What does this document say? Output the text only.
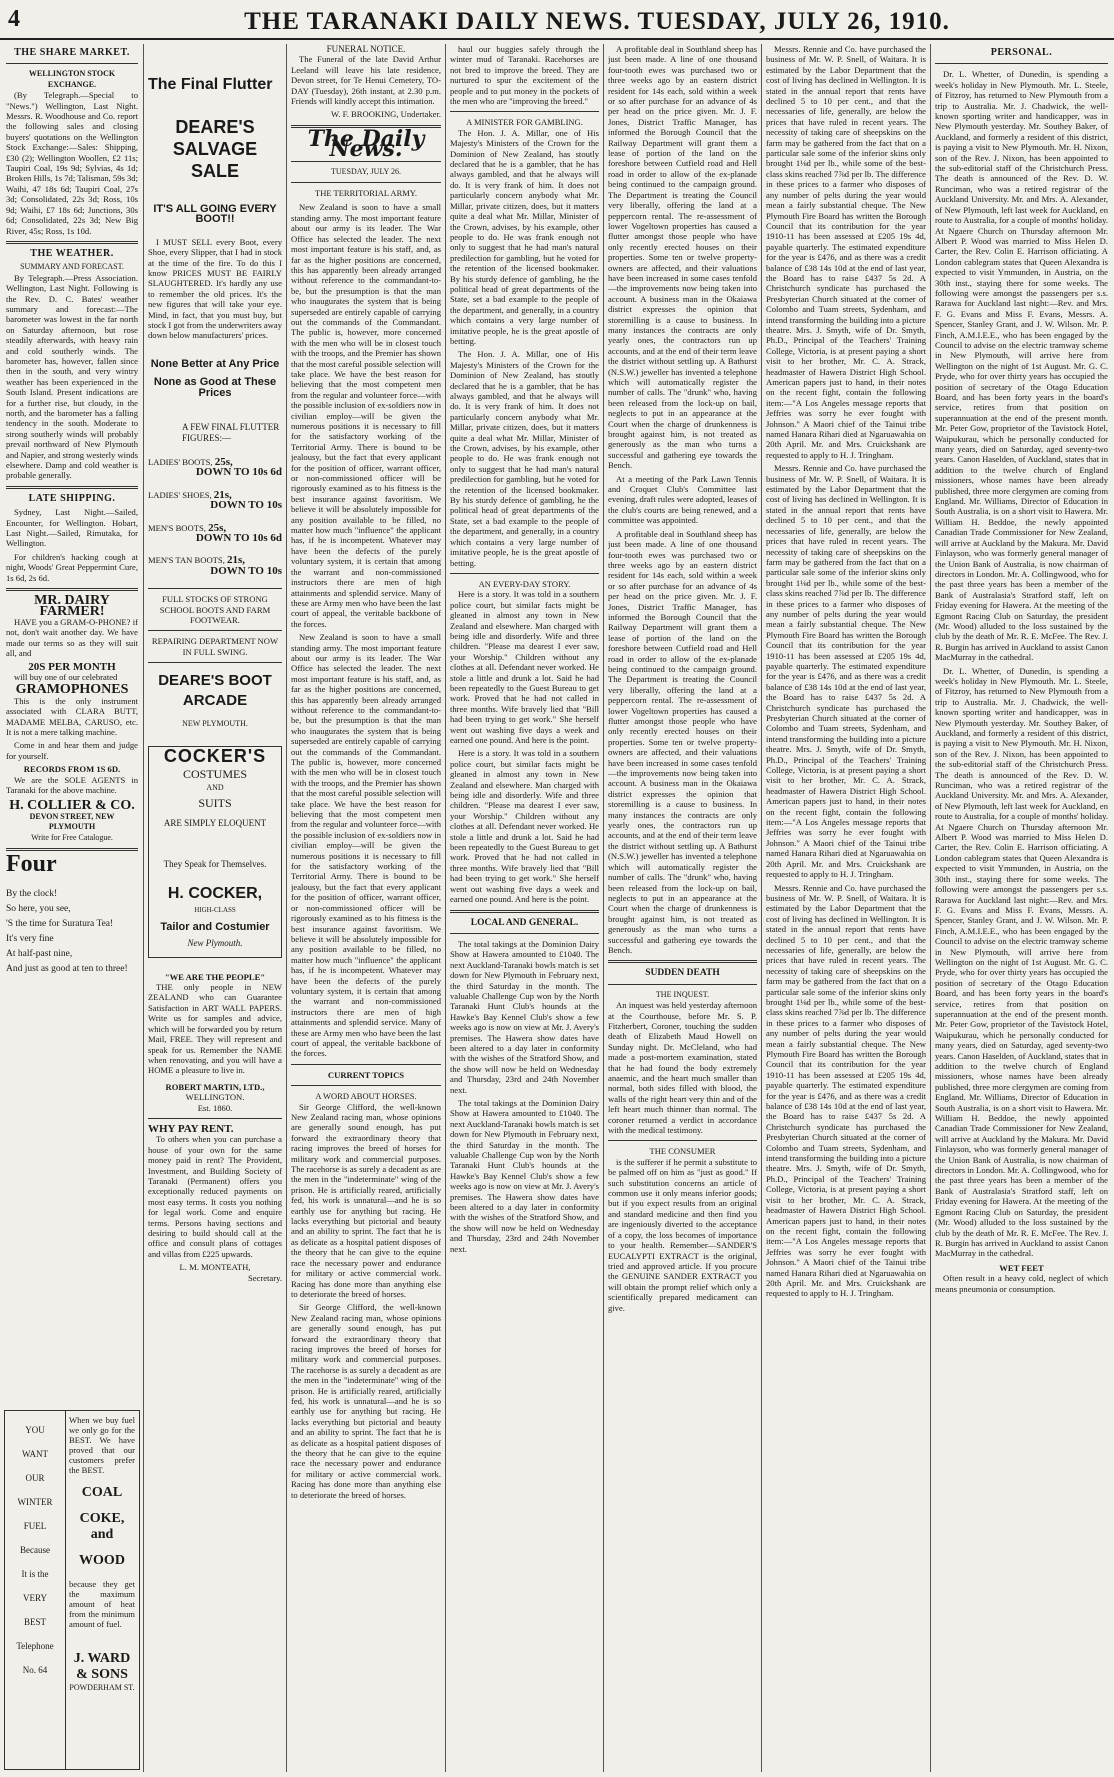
4	THE TARANAKI DAILY NEWS. TUESDAY, JULY 26, 1910.
THE SHARE MARKET.
WELLINGTON STOCK EXCHANGE.

(By Telegraph.—Special to "News.") Wellington, Last Night. Messrs. R. Woodhouse and Co. report the following sales and closing buyers' quotations on the Wellington Stock Exchange:—Sales: Shipping, £30 (2); Wellington Woollen, £2 11s; Taupiri Coal, 19s 9d; Sylvias, 4s 1d; Broken Hills, 1s 7d; Talisman, 59s 3d; Waihi, 47 18s 6d; Taupiri Coal, 27s 3d; Consolidated, 22s 3d; Ross, 10s 9d; Waihi, £7 18s 6d; Junctions, 30s 6d; Consolidated, 22s 3d; New Big River, 45s; Ross, 1s 10d.

THE WEATHER.
SUMMARY AND FORECAST.

By Telegraph.—Press Association. Wellington, Last Night. Following is the Rev. D. C. Bates' weather summary and forecast:—The barometer was lowest in the far north on Saturday afternoon, but rose steadily afterwards, with heavy rain and cold southerly winds. The barometer has, however, fallen since then in the south, and very wintry weather has been experienced in the South Island. Present indications are for a further rise, but cloudy, in the north, and the barometer has a falling tendency in the south. Moderate to strong southerly winds will probably prevail northward of New Plymouth and Napier, and strong westerly winds elsewhere. Damp and cold weather is probable generally.

LATE SHIPPING.

Sydney, Last Night.—Sailed, Encounter, for Wellington. Hobart, Last Night.—Sailed, Rimutaka, for Wellington.

For children's hacking cough at night, Woods' Great Peppermint Cure, 1s 6d, 2s 6d.

MR. DAIRY FARMER!

HAVE you a GRAM-O-PHONE? if not, don't wait another day. We have made our terms so as they will suit all, and

20S PER MONTH

will buy one of our celebrated

GRAMOPHONES

This is the only instrument associated with CLARA BUTT, MADAME MELBA, CARUSO, etc. It is not a mere talking machine.

Come in and hear them and judge for yourself.

RECORDS FROM 1S 6D.

We are the SOLE AGENTS in Taranaki for the above machine.

H. COLLIER & CO.
DEVON STREET, NEW PLYMOUTH
Write for Free Catalogue.
Four
By the clock!
So here, you see,
'S the time for Suratura Tea!
It's very fine
At half-past nine,
And just as good at ten to three!
YOU
WANT
OUR
WINTER
FUEL
Because
It is the
VERY
BEST
Telephone
No. 64

When we buy fuel we only go for the BEST. We have proved that our customers prefer the BEST.

COAL
COKE, and
WOOD

because they get the maximum amount of heat from the minimum amount of fuel.

J. WARD & SONS
POWDERHAM ST.
The Final Flutter
DEARE'S SALVAGE SALE
IT'S ALL GOING EVERY BOOT!!

I MUST SELL every Boot, every Shoe, every Slipper, that I had in stock at the time of the fire. To do this I know PRICES MUST BE FAIRLY SLAUGHTERED. It's hardly any use to remember the old prices. It's the new figures that will take your eye. Mind, in fact, that you must buy, but stock I got from the underwriters away down below manufacturers' prices.

None Better at Any Price
None as Good at These Prices
A FEW FINAL FLUTTER FIGURES:—
LADIES' BOOTS, 25s,
DOWN TO 10s 6d
LADIES' SHOES, 21s,
DOWN TO 10s
MEN'S BOOTS, 25s,
DOWN TO 10s 6d
MEN'S TAN BOOTS, 21s,
DOWN TO 10s
FULL STOCKS OF STRONG SCHOOL BOOTS AND FARM FOOTWEAR.
REPAIRING DEPARTMENT NOW IN FULL SWING.
DEARE'S BOOT ARCADE
NEW PLYMOUTH.
COCKER'S
COSTUMES
AND
SUITS
ARE SIMPLY ELOQUENT
They Speak for Themselves.
H. COCKER,
HIGH-CLASS
Tailor and Costumier
New Plymouth.
"WE ARE THE PEOPLE"

THE only people in NEW ZEALAND who can Guarantee Satisfaction in ART WALL PAPERS. Write us for samples and advice, which will be forwarded you by return Mail, FREE. They will represent and speak for us. Remember the NAME when renovating, and you will have a HOME a pleasure to live in.

ROBERT MARTIN, LTD.,
WELLINGTON.
Est. 1860.
WHY PAY RENT.

To others when you can purchase a house of your own for the same money paid in rent? The Provident, Investment, and Building Society of Taranaki (Permanent) offers you exceptionally reduced payments on most easy terms. It costs you nothing for legal work. Come and enquire terms. Persons having sections and desiring to build should call at the office and consult plans of cottages and villas from £225 upwards.

L. M. MONTEATH,
Secretary.
FUNERAL NOTICE.

The Funeral of the late David Arthur Leeland will leave his late residence, Devon street, for Te Henui Cemetery, TO-DAY (Tuesday), 26th instant, at 2.30 p.m. Friends will kindly accept this intimation.

W. F. BROOKING, Undertaker.
The Daily News.
TUESDAY, JULY 26.
THE TERRITORIAL ARMY.

New Zealand is soon to have a small standing army. The most important feature about our army is its leader. The War Office has selected the leader. The next most important feature is his staff, and, as far as the higher positions are concerned, this has apparently been already arranged without reference to the commandant-to-be, but the presumption is that the man who inaugurates the system that is being superseded are entirely capable of carrying out the commands of the Commandant. The public is, however, more concerned with the men who will be in closest touch with the troops, and the Premier has shown that the most careful possible selection will take place. We have the best reason for believing that the most competent men from the regular and volunteer force—with the possible inclusion of ex-soldiers now in civilian employ—will be given the numerous positions it is necessary to fill for the satisfactory working of the Territorial Army. There is bound to be jealousy, but the fact that every applicant for the position of officer, warrant officer, or non-commissioned officer will be rigorously examined as to his fitness is the best insurance against favoritism. We believe it will be absolutely impossible for any position available to be filled, no matter how much "influence" the applicant has, if he is incompetent. Whatever may have been the defects of the purely voluntary system, it is certain that among the warrant and non-commissioned instructors there are men of high attainments and splendid service. Many of these are Army men who have been the last court of appeal, the veritable backbone of the forces.

New Zealand is soon to have a small standing army. The most important feature about our army is its leader. The War Office has selected the leader. The next most important feature is his staff, and, as far as the higher positions are concerned, this has apparently been already arranged without reference to the commandant-to-be, but the presumption is that the man who inaugurates the system that is being superseded are entirely capable of carrying out the commands of the Commandant. The public is, however, more concerned with the men who will be in closest touch with the troops, and the Premier has shown that the most careful possible selection will take place. We have the best reason for believing that the most competent men from the regular and volunteer force—with the possible inclusion of ex-soldiers now in civilian employ—will be given the numerous positions it is necessary to fill for the satisfactory working of the Territorial Army. There is bound to be jealousy, but the fact that every applicant for the position of officer, warrant officer, or non-commissioned officer will be rigorously examined as to his fitness is the best insurance against favoritism. We believe it will be absolutely impossible for any position available to be filled, no matter how much "influence" the applicant has, if he is incompetent. Whatever may have been the defects of the purely voluntary system, it is certain that among the warrant and non-commissioned instructors there are men of high attainments and splendid service. Many of these are Army men who have been the last court of appeal, the veritable backbone of the forces.

CURRENT TOPICS
A WORD ABOUT HORSES.

Sir George Clifford, the well-known New Zealand racing man, whose opinions are generally sound enough, has put forward the extraordinary theory that racing improves the breed of horses for military work and commercial purposes. The racehorse is as surely a decadent as are the men in the "indeterminate" wing of the prison. He is artificially reared, artificially fed, his work is unnatural—and he is so earthly use for anything but racing. He lacks everything but pictorial and beauty and an ability to sprint. The fact that he is as delicate as a hospital patient disposes of the theory that he can give to the equine race the necessary power and endurance for military or active commercial work. Racing has done more than anything else to deteriorate the breed of horses.

Sir George Clifford, the well-known New Zealand racing man, whose opinions are generally sound enough, has put forward the extraordinary theory that racing improves the breed of horses for military work and commercial purposes. The racehorse is as surely a decadent as are the men in the "indeterminate" wing of the prison. He is artificially reared, artificially fed, his work is unnatural—and he is so earthly use for anything but racing. He lacks everything but pictorial and beauty and an ability to sprint. The fact that he is as delicate as a hospital patient disposes of the theory that he can give to the equine race the necessary power and endurance for military or active commercial work. Racing has done more than anything else to deteriorate the breed of horses.

haul our buggies safely through the winter mud of Taranaki. Racehorses are not bred to improve the breed. They are nurtured to spur the excitement of the people and to put money in the pockets of the men who are "improving the breed."

A MINISTER FOR GAMBLING.

The Hon. J. A. Millar, one of His Majesty's Ministers of the Crown for the Dominion of New Zealand, has stoutly declared that he is a gambler, that he has always gambled, and that he always will do. It is very frank of him. It does not particularly concern anybody what Mr. Millar, private citizen, does, but it matters quite a deal what Mr. Millar, Minister of the Crown, advises, by his example, other people to do. He was frank enough not only to suggest that he had man's natural predilection for gambling, but he voted for the retention of the licensed bookmaker. By his sturdy defence of gambling, he the political head of great departments of the State, set a bad example to the people of the department, and generally, in a country which contains a very large number of imitative people, he is the great apostle of betting.

The Hon. J. A. Millar, one of His Majesty's Ministers of the Crown for the Dominion of New Zealand, has stoutly declared that he is a gambler, that he has always gambled, and that he always will do. It is very frank of him. It does not particularly concern anybody what Mr. Millar, private citizen, does, but it matters quite a deal what Mr. Millar, Minister of the Crown, advises, by his example, other people to do. He was frank enough not only to suggest that he had man's natural predilection for gambling, but he voted for the retention of the licensed bookmaker. By his sturdy defence of gambling, he the political head of great departments of the State, set a bad example to the people of the department, and generally, in a country which contains a very large number of imitative people, he is the great apostle of betting.

AN EVERY-DAY STORY.

Here is a story. It was told in a southern police court, but similar facts might be gleaned in almost any town in New Zealand and elsewhere. Man charged with being idle and disorderly. Wife and three children. "Please ma dearest I ever saw, your Worship." Children without any clothes at all. Defendant never worked. He stole a little and drunk a lot. Said he had been repeatedly to the Guest Bureau to get work. Proved that he had not called in three months. Wife bravely lied that "Bill had been trying to get work." She herself went out washing five days a week and earned one pound. And here is the point.

Here is a story. It was told in a southern police court, but similar facts might be gleaned in almost any town in New Zealand and elsewhere. Man charged with being idle and disorderly. Wife and three children. "Please ma dearest I ever saw, your Worship." Children without any clothes at all. Defendant never worked. He stole a little and drunk a lot. Said he had been repeatedly to the Guest Bureau to get work. Proved that he had not called in three months. Wife bravely lied that "Bill had been trying to get work." She herself went out washing five days a week and earned one pound. And here is the point.

LOCAL AND GENERAL.

The total takings at the Dominion Dairy Show at Hawera amounted to £1040. The next Auckland-Taranaki bowls match is set down for New Plymouth in February next, the third Saturday in the month. The valuable Challenge Cup won by the North Taranaki Hunt Club's hounds at the Hawke's Bay Kennel Club's show a few weeks ago is now on view at Mr. J. Avery's premises. The Hawera show dates have been altered to a day later in conformity with the wishes of the Stratford Show, and the show will now be held on Wednesday and Thursday, 23rd and 24th November next.

The total takings at the Dominion Dairy Show at Hawera amounted to £1040. The next Auckland-Taranaki bowls match is set down for New Plymouth in February next, the third Saturday in the month. The valuable Challenge Cup won by the North Taranaki Hunt Club's hounds at the Hawke's Bay Kennel Club's show a few weeks ago is now on view at Mr. J. Avery's premises. The Hawera show dates have been altered to a day later in conformity with the wishes of the Stratford Show, and the show will now be held on Wednesday and Thursday, 23rd and 24th November next.

A profitable deal in Southland sheep has just been made. A line of one thousand four-tooth ewes was purchased two or three weeks ago by an eastern district resident for 14s each, sold within a week or so after purchase for an advance of 4s per head on the price given. Mr. J. F. Jones, District Traffic Manager, has informed the Borough Council that the Railway Department will grant them a lease of portion of the land on the foreshore between Cutfield road and Hell road in order to allow of the ex-planade being continued to the campaign ground. The Department is treating the Council very liberally, offering the land at a peppercorn rental. The re-assessment of lower Vogeltown properties has caused a flutter amongst those people who have only recently erected houses on their properties. Some ten or twelve property-owners are affected, and their valuations have been increased in some cases tenfold—the improvements now being taken into account. A business man in the Okaiawa district expresses the opinion that storemilling is a cause to business. In many instances the contracts are only yearly ones, the contractors run up accounts, and at the end of their term leave the district without settling up. A Bathurst (N.S.W.) jeweller has invented a telephone which will automatically register the number of calls. The "drunk" who, having been released from the lock-up on bail, neglects to put in an appearance at the Court when the charge of drunkenness is brought against him, is not treated as generously as the man who turns a successful and gathering eye towards the Bench.

At a meeting of the Park Lawn Tennis and Croquet Club's Committee last evening, draft rules were adopted, leases of the club's courts are being renewed, and a committee was appointed.

A profitable deal in Southland sheep has just been made. A line of one thousand four-tooth ewes was purchased two or three weeks ago by an eastern district resident for 14s each, sold within a week or so after purchase for an advance of 4s per head on the price given. Mr. J. F. Jones, District Traffic Manager, has informed the Borough Council that the Railway Department will grant them a lease of portion of the land on the foreshore between Cutfield road and Hell road in order to allow of the ex-planade being continued to the campaign ground. The Department is treating the Council very liberally, offering the land at a peppercorn rental. The re-assessment of lower Vogeltown properties has caused a flutter amongst those people who have only recently erected houses on their properties. Some ten or twelve property-owners are affected, and their valuations have been increased in some cases tenfold—the improvements now being taken into account. A business man in the Okaiawa district expresses the opinion that storemilling is a cause to business. In many instances the contracts are only yearly ones, the contractors run up accounts, and at the end of their term leave the district without settling up. A Bathurst (N.S.W.) jeweller has invented a telephone which will automatically register the number of calls. The "drunk" who, having been released from the lock-up on bail, neglects to put in an appearance at the Court when the charge of drunkenness is brought against him, is not treated as generously as the man who turns a successful and gathering eye towards the Bench.

SUDDEN DEATH
THE INQUEST.

An inquest was held yesterday afternoon at the Courthouse, before Mr. S. P. Fitzherbert, Coroner, touching the sudden death of Elizabeth Maud Howell on Sunday night. Dr. McCleland, who had made a post-mortem examination, stated that he had found the body extremely anaemic, and the heart much smaller than normal, both sides filled with blood, the walls of the right heart very thin and of the left heart much thinner than normal. The coroner returned a verdict in accordance with the medical testimony.

THE CONSUMER

is the sufferer if he permit a substitute to be palmed off on him as "just as good." If such substitution concerns an article of common use it only means inferior goods; but if you expect results from an original and standard medicine and then find you are ingeniously diverted to the acceptance of a copy, the loss becomes of importance to your health. Remember—SANDER'S EUCALYPTI EXTRACT is the original, tried and approved article. If you procure the GENUINE SANDER EXTRACT you will obtain the prompt relief which only a scientifically prepared medicament can give.

Messrs. Rennie and Co. have purchased the business of Mr. W. P. Snell, of Waitara. It is estimated by the Labor Department that the cost of living has declined in Wellington. It is stated in the annual report that rents have declined 5 to 10 per cent., and that the necessaries of life, generally, are below the prices that have ruled in recent years. The necessity of taking care of sheepskins on the farm may be gathered from the fact that on a particular sale some of the inferior skins only brought 1⅛d per lb., while some of the best-class skins reached 7⅞d per lb. The difference in these prices to a farmer who disposes of any number of pelts during the year would mean a fairly substantial cheque. The New Plymouth Fire Board has written the Borough Council that its contribution for the year 1910-11 has been assessed at £205 19s 4d, payable quarterly. The estimated expenditure for the year is £476, and as there was a credit balance of £38 14s 10d at the end of last year, the Board has to raise £437 5s 2d. A Christchurch syndicate has purchased the Presbyterian Church situated at the corner of Colombo and Tuam streets, Sydenham, and intend transforming the building into a picture theatre. Mrs. J. Smyth, wife of Dr. Smyth, Ph.D., Principal of the Teachers' Training College, Victoria, is at present paying a short visit to her brother, Mr. C. A. Strack, headmaster of Hawera District High School. American papers just to hand, in their notes on the recent fight, contain the following item:—"A Los Angeles message reports that Jeffries was sorry he ever fought with Johnson." A Maori chief of the Tainui tribe named Hanara Rihari died at Ngaruawahia on 20th April. Mr. and Mrs. Cruickshank are requested to apply to H. J. Tringham.

Messrs. Rennie and Co. have purchased the business of Mr. W. P. Snell, of Waitara. It is estimated by the Labor Department that the cost of living has declined in Wellington. It is stated in the annual report that rents have declined 5 to 10 per cent., and that the necessaries of life, generally, are below the prices that have ruled in recent years. The necessity of taking care of sheepskins on the farm may be gathered from the fact that on a particular sale some of the inferior skins only brought 1⅛d per lb., while some of the best-class skins reached 7⅞d per lb. The difference in these prices to a farmer who disposes of any number of pelts during the year would mean a fairly substantial cheque. The New Plymouth Fire Board has written the Borough Council that its contribution for the year 1910-11 has been assessed at £205 19s 4d, payable quarterly. The estimated expenditure for the year is £476, and as there was a credit balance of £38 14s 10d at the end of last year, the Board has to raise £437 5s 2d. A Christchurch syndicate has purchased the Presbyterian Church situated at the corner of Colombo and Tuam streets, Sydenham, and intend transforming the building into a picture theatre. Mrs. J. Smyth, wife of Dr. Smyth, Ph.D., Principal of the Teachers' Training College, Victoria, is at present paying a short visit to her brother, Mr. C. A. Strack, headmaster of Hawera District High School. American papers just to hand, in their notes on the recent fight, contain the following item:—"A Los Angeles message reports that Jeffries was sorry he ever fought with Johnson." A Maori chief of the Tainui tribe named Hanara Rihari died at Ngaruawahia on 20th April. Mr. and Mrs. Cruickshank are requested to apply to H. J. Tringham.

Messrs. Rennie and Co. have purchased the business of Mr. W. P. Snell, of Waitara. It is estimated by the Labor Department that the cost of living has declined in Wellington. It is stated in the annual report that rents have declined 5 to 10 per cent., and that the necessaries of life, generally, are below the prices that have ruled in recent years. The necessity of taking care of sheepskins on the farm may be gathered from the fact that on a particular sale some of the inferior skins only brought 1⅛d per lb., while some of the best-class skins reached 7⅞d per lb. The difference in these prices to a farmer who disposes of any number of pelts during the year would mean a fairly substantial cheque. The New Plymouth Fire Board has written the Borough Council that its contribution for the year 1910-11 has been assessed at £205 19s 4d, payable quarterly. The estimated expenditure for the year is £476, and as there was a credit balance of £38 14s 10d at the end of last year, the Board has to raise £437 5s 2d. A Christchurch syndicate has purchased the Presbyterian Church situated at the corner of Colombo and Tuam streets, Sydenham, and intend transforming the building into a picture theatre. Mrs. J. Smyth, wife of Dr. Smyth, Ph.D., Principal of the Teachers' Training College, Victoria, is at present paying a short visit to her brother, Mr. C. A. Strack, headmaster of Hawera District High School. American papers just to hand, in their notes on the recent fight, contain the following item:—"A Los Angeles message reports that Jeffries was sorry he ever fought with Johnson." A Maori chief of the Tainui tribe named Hanara Rihari died at Ngaruawahia on 20th April. Mr. and Mrs. Cruickshank are requested to apply to H. J. Tringham.

PERSONAL.

Dr. L. Whetter, of Dunedin, is spending a week's holiday in New Plymouth. Mr. L. Steele, of Fitzroy, has returned to New Plymouth from a trip to Australia. Mr. J. Chadwick, the well-known sporting writer and handicapper, was in New Plymouth yesterday. Mr. Southey Baker, of Auckland, and formerly a resident of this district, is paying a visit to New Plymouth. Mr. H. Nixon, son of the Rev. J. Nixon, has been appointed to the sub-editorial staff of the Christchurch Press. The death is announced of the Rev. D. W. Runciman, who was a retired registrar of the Auckland University. Mr. and Mrs. A. Alexander, of New Plymouth, left last week for Auckland, en route to Australia, for a couple of months' holiday. At Ngaere Church on Thursday afternoon Mr. Albert P. Wood was married to Miss Helen D. Carter, the Rev. Colin E. Harrison officiating. A London cablegram states that Queen Alexandra is expected to visit Ymmunden, in Austria, on the 30th inst., staying there for some weeks. The following were amongst the passengers per s.s. Rarawa for Auckland last night:—Rev. and Mrs. F. G. Evans and Miss F. Evans, Messrs. A. Spencer, Stanley Grant, and J. W. Wilson. Mr. P. Finch, A.M.I.E.E., who has been engaged by the Council to advise on the electric tramway scheme in New Plymouth, will arrive here from Wellington on the night of 1st August. Mr. G. C. Pryde, who for over thirty years has occupied the position of secretary of the Otago Education Board, and has been forty years in the board's service, retires from that position on superannuation at the end of the present month. Mr. Peter Gow, proprietor of the Tavistock Hotel, Waipukurau, which he personally conducted for many years, died on Saturday, aged seventy-two years. Canon Haselden, of Auckland, states that in addition to the twelve church of England missioners, whose names have been already published, three more clergymen are coming from England. Mr. Williams, Director of Education in South Australia, is on a short visit to Hawera. Mr. William H. Beddoe, the newly appointed Canadian Trade Commissioner for New Zealand, will arrive at Auckland by the Makura. Mr. David Finlayson, who was formerly general manager of the Union Bank of Australia, is now chairman of directors in London. Mr. A. Collingwood, who for the past three years has been a member of the Bank of Australasia's Stratford staff, left on Friday evening for Hawera. At the meeting of the Egmont Racing Club on Saturday, the president (Mr. Wood) alluded to the loss sustained by the club by the death of Mr. R. E. McFee. The Rev. J. R. Burgin has arrived in Auckland to assist Canon MacMurray in the cathedral.

Dr. L. Whetter, of Dunedin, is spending a week's holiday in New Plymouth. Mr. L. Steele, of Fitzroy, has returned to New Plymouth from a trip to Australia. Mr. J. Chadwick, the well-known sporting writer and handicapper, was in New Plymouth yesterday. Mr. Southey Baker, of Auckland, and formerly a resident of this district, is paying a visit to New Plymouth. Mr. H. Nixon, son of the Rev. J. Nixon, has been appointed to the sub-editorial staff of the Christchurch Press. The death is announced of the Rev. D. W. Runciman, who was a retired registrar of the Auckland University. Mr. and Mrs. A. Alexander, of New Plymouth, left last week for Auckland, en route to Australia, for a couple of months' holiday. At Ngaere Church on Thursday afternoon Mr. Albert P. Wood was married to Miss Helen D. Carter, the Rev. Colin E. Harrison officiating. A London cablegram states that Queen Alexandra is expected to visit Ymmunden, in Austria, on the 30th inst., staying there for some weeks. The following were amongst the passengers per s.s. Rarawa for Auckland last night:—Rev. and Mrs. F. G. Evans and Miss F. Evans, Messrs. A. Spencer, Stanley Grant, and J. W. Wilson. Mr. P. Finch, A.M.I.E.E., who has been engaged by the Council to advise on the electric tramway scheme in New Plymouth, will arrive here from Wellington on the night of 1st August. Mr. G. C. Pryde, who for over thirty years has occupied the position of secretary of the Otago Education Board, and has been forty years in the board's service, retires from that position on superannuation at the end of the present month. Mr. Peter Gow, proprietor of the Tavistock Hotel, Waipukurau, which he personally conducted for many years, died on Saturday, aged seventy-two years. Canon Haselden, of Auckland, states that in addition to the twelve church of England missioners, whose names have been already published, three more clergymen are coming from England. Mr. Williams, Director of Education in South Australia, is on a short visit to Hawera. Mr. William H. Beddoe, the newly appointed Canadian Trade Commissioner for New Zealand, will arrive at Auckland by the Makura. Mr. David Finlayson, who was formerly general manager of the Union Bank of Australia, is now chairman of directors in London. Mr. A. Collingwood, who for the past three years has been a member of the Bank of Australasia's Stratford staff, left on Friday evening for Hawera. At the meeting of the Egmont Racing Club on Saturday, the president (Mr. Wood) alluded to the loss sustained by the club by the death of Mr. R. E. McFee. The Rev. J. R. Burgin has arrived in Auckland to assist Canon MacMurray in the cathedral.

WET FEET

Often result in a heavy cold, neglect of which means pneumonia or consumption.
